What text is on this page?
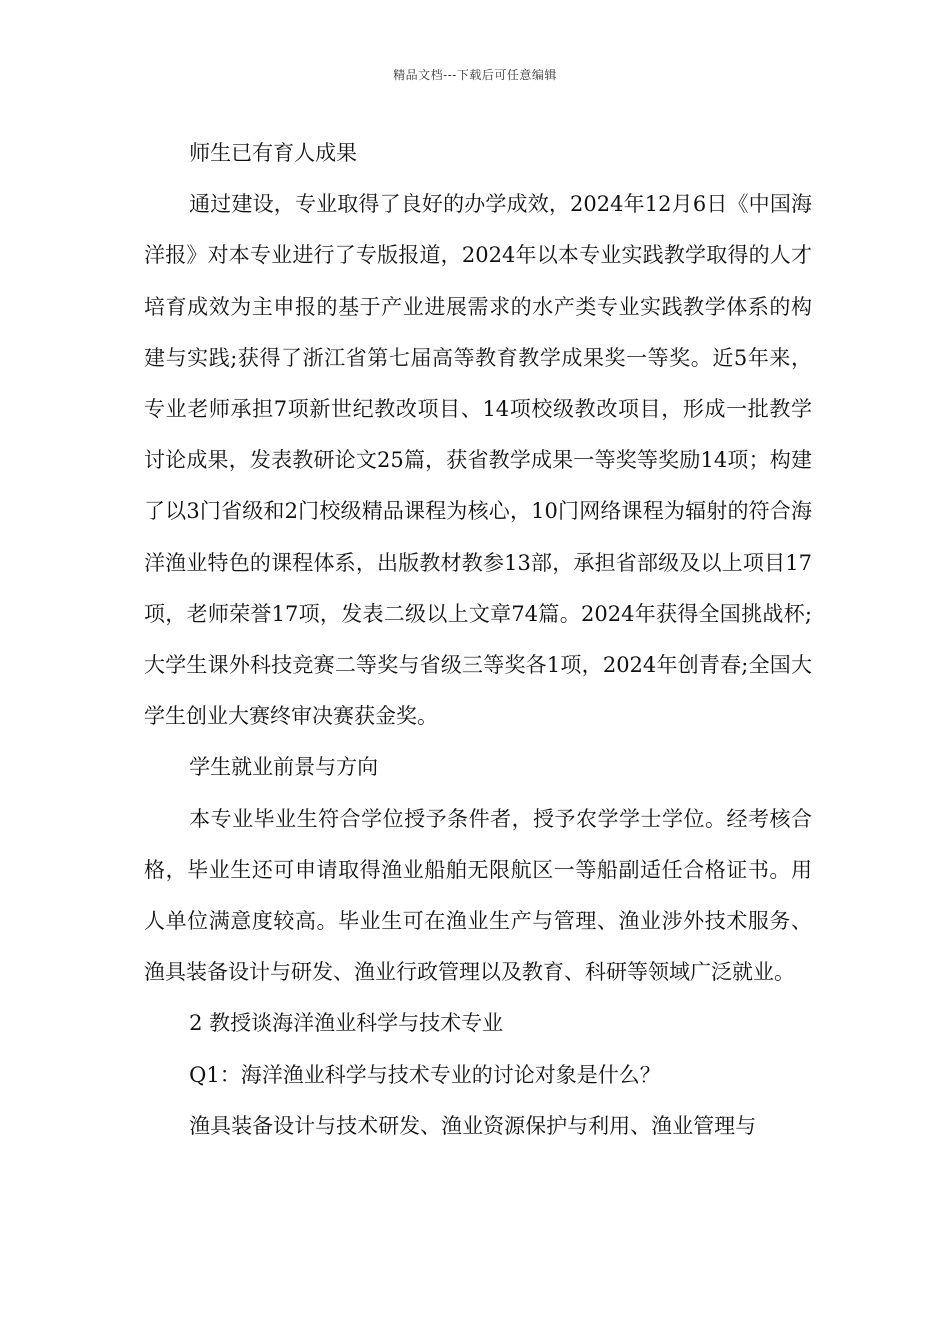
精品文档---下载后可任意编辑

师生已有育人成果

通过建设，专业取得了良好的办学成效，2024年12月6日《中国海洋报》对本专业进行了专版报道，2024年以本专业实践教学取得的人才培育成效为主申报的基于产业进展需求的水产类专业实践教学体系的构建与实践;获得了浙江省第七届高等教育教学成果奖一等奖。近5年来，专业老师承担7项新世纪教改项目、14项校级教改项目，形成一批教学讨论成果，发表教研论文25篇，获省教学成果一等奖等奖励14项；构建了以3门省级和2门校级精品课程为核心，10门网络课程为辐射的符合海洋渔业特色的课程体系，出版教材教参13部，承担省部级及以上项目17项，老师荣誉17项，发表二级以上文章74篇。2024年获得全国挑战杯;大学生课外科技竞赛二等奖与省级三等奖各1项，2024年创青春;全国大学生创业大赛终审决赛获金奖。

学生就业前景与方向

本专业毕业生符合学位授予条件者，授予农学学士学位。经考核合格，毕业生还可申请取得渔业船舶无限航区一等船副适任合格证书。用人单位满意度较高。毕业生可在渔业生产与管理、渔业涉外技术服务、渔具装备设计与研发、渔业行政管理以及教育、科研等领域广泛就业。

2 教授谈海洋渔业科学与技术专业

Q1：海洋渔业科学与技术专业的讨论对象是什么？

渔具装备设计与技术研发、渔业资源保护与利用、渔业管理与
